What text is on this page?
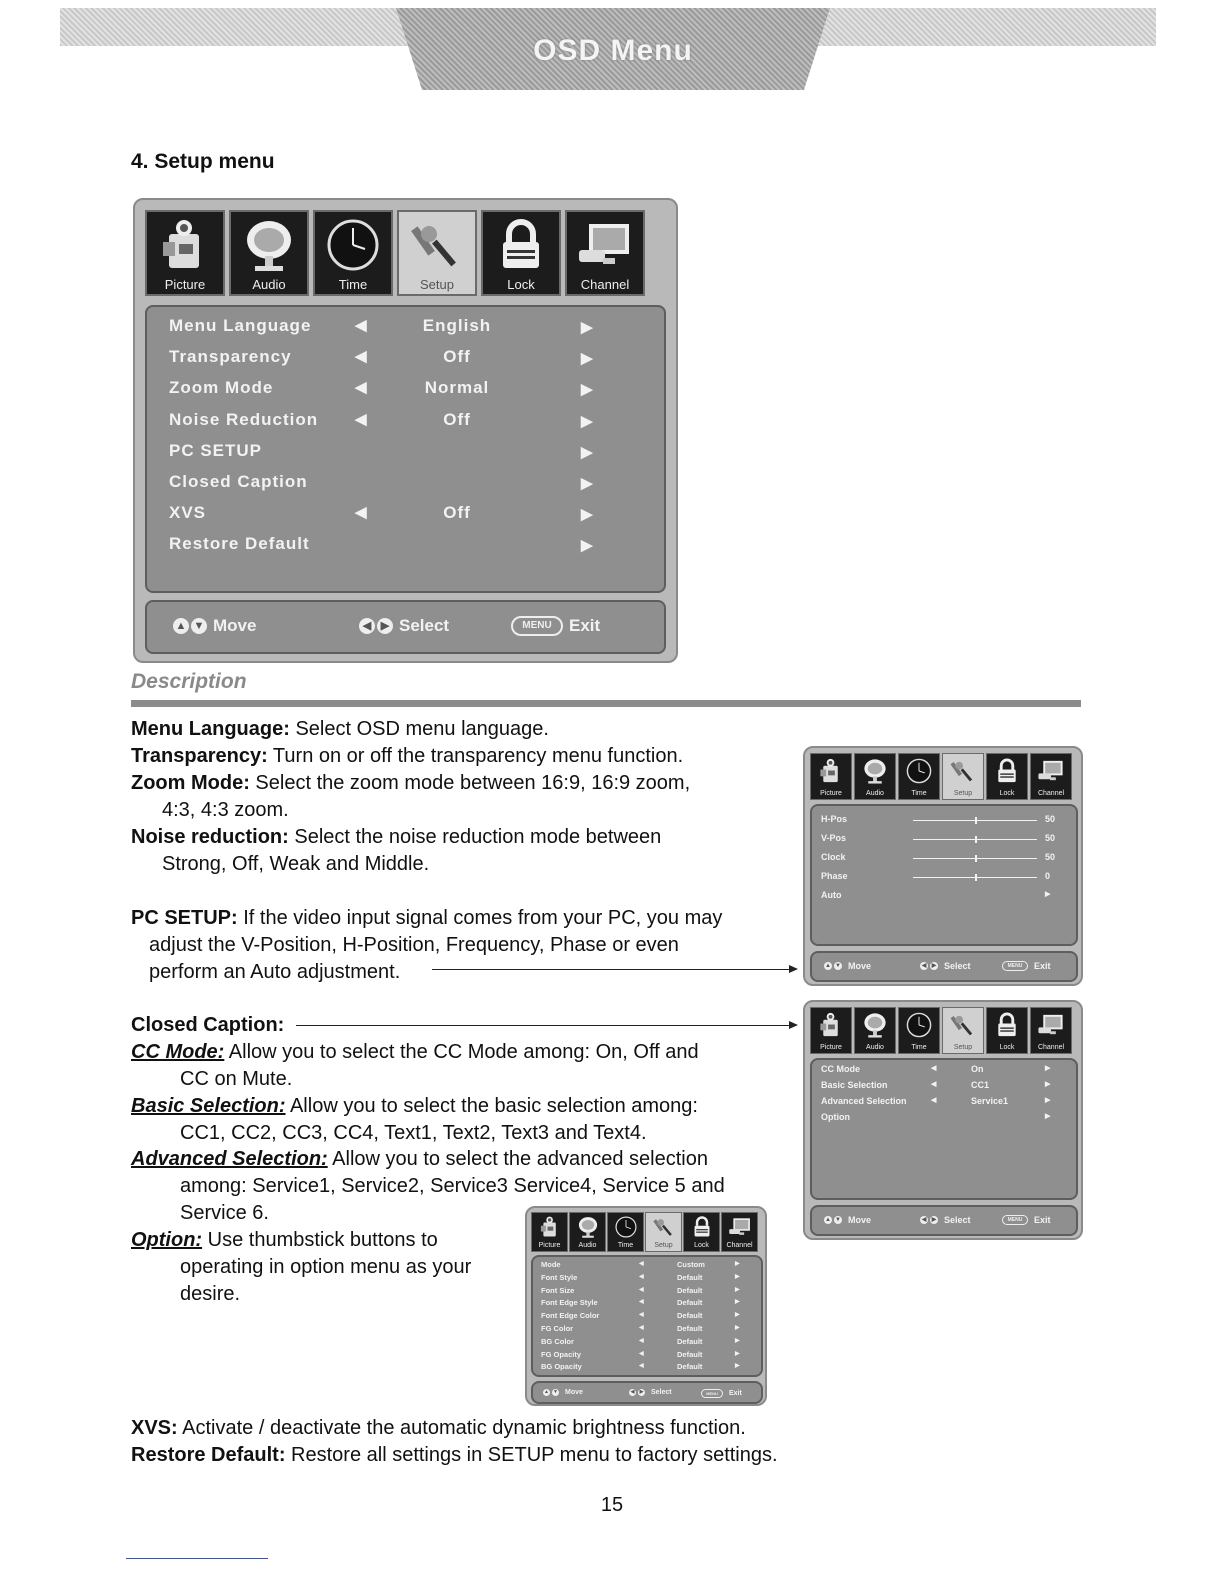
OSD Menu
4. Setup menu
Picture	Audio	Time	Setup	Lock	Channel
Menu Language	◀	English	▶
Transparency	◀	Off	▶
Zoom Mode	◀	Normal	▶
Noise Reduction ◀	Off	▶
PC SETUP	▶
Closed Caption	▶
XVS	◀	Off	▶
Restore Default	▶
▲ ▼ Move	◀ ▶ Select	MENU	Exit
Picture	Audio	Time	Setup	Lock	Channel
H-Pos	50
V-Pos	50
Clock	50
Phase	0
Auto	▶
▲ ▼ Move	◀ ▶ Select	MENU	Exit
Picture	Audio	Time	Setup	Lock	Channel
CC Mode	◀	On	▶
Basic Selection	◀	CC1	▶
Advanced Selection	◀	Service1	▶
Option	▶
▲ ▼ Move	◀ ▶ Select	MENU	Exit
Picture	Audio	Time	Setup	Lock	Channel
Mode	◀	Custom	▶
Font Style	◀	Default	▶
Font Size	◀	Default	▶
Font Edge Style	◀	Default	▶
Font Edge Color	◀	Default	▶
FG Color	◀	Default	▶
BG Color	◀	Default	▶
FG Opacity	◀	Default	▶
BG Opacity	◀	Default	▶
▲ ▼ Move	◀	▶ Select	MENU	Exit
Description
Menu Language: Select OSD menu language.
Transparency: Turn on or off the transparency menu function.
Zoom Mode: Select the zoom mode between 16:9, 16:9 zoom,
4:3, 4:3 zoom.
Noise reduction: Select the noise reduction mode between
Strong, Off, Weak and Middle.
PC SETUP: If the video input signal comes from your PC, you may
adjust the V-Position, H-Position, Frequency, Phase or even
perform an Auto adjustment.
Closed Caption:
CC Mode: Allow you to select the CC Mode among: On, Off and
CC on Mute.
Basic Selection: Allow you to select the basic selection among:
CC1, CC2, CC3, CC4, Text1, Text2, Text3 and Text4.
Advanced Selection: Allow you to select the advanced selection
among: Service1, Service2, Service3 Service4, Service 5 and
Service 6.
Option: Use thumbstick buttons to
operating in option menu as your
desire.
XVS: Activate / deactivate the automatic dynamic brightness function.
Restore Default: Restore all settings in SETUP menu to factory settings.
15
